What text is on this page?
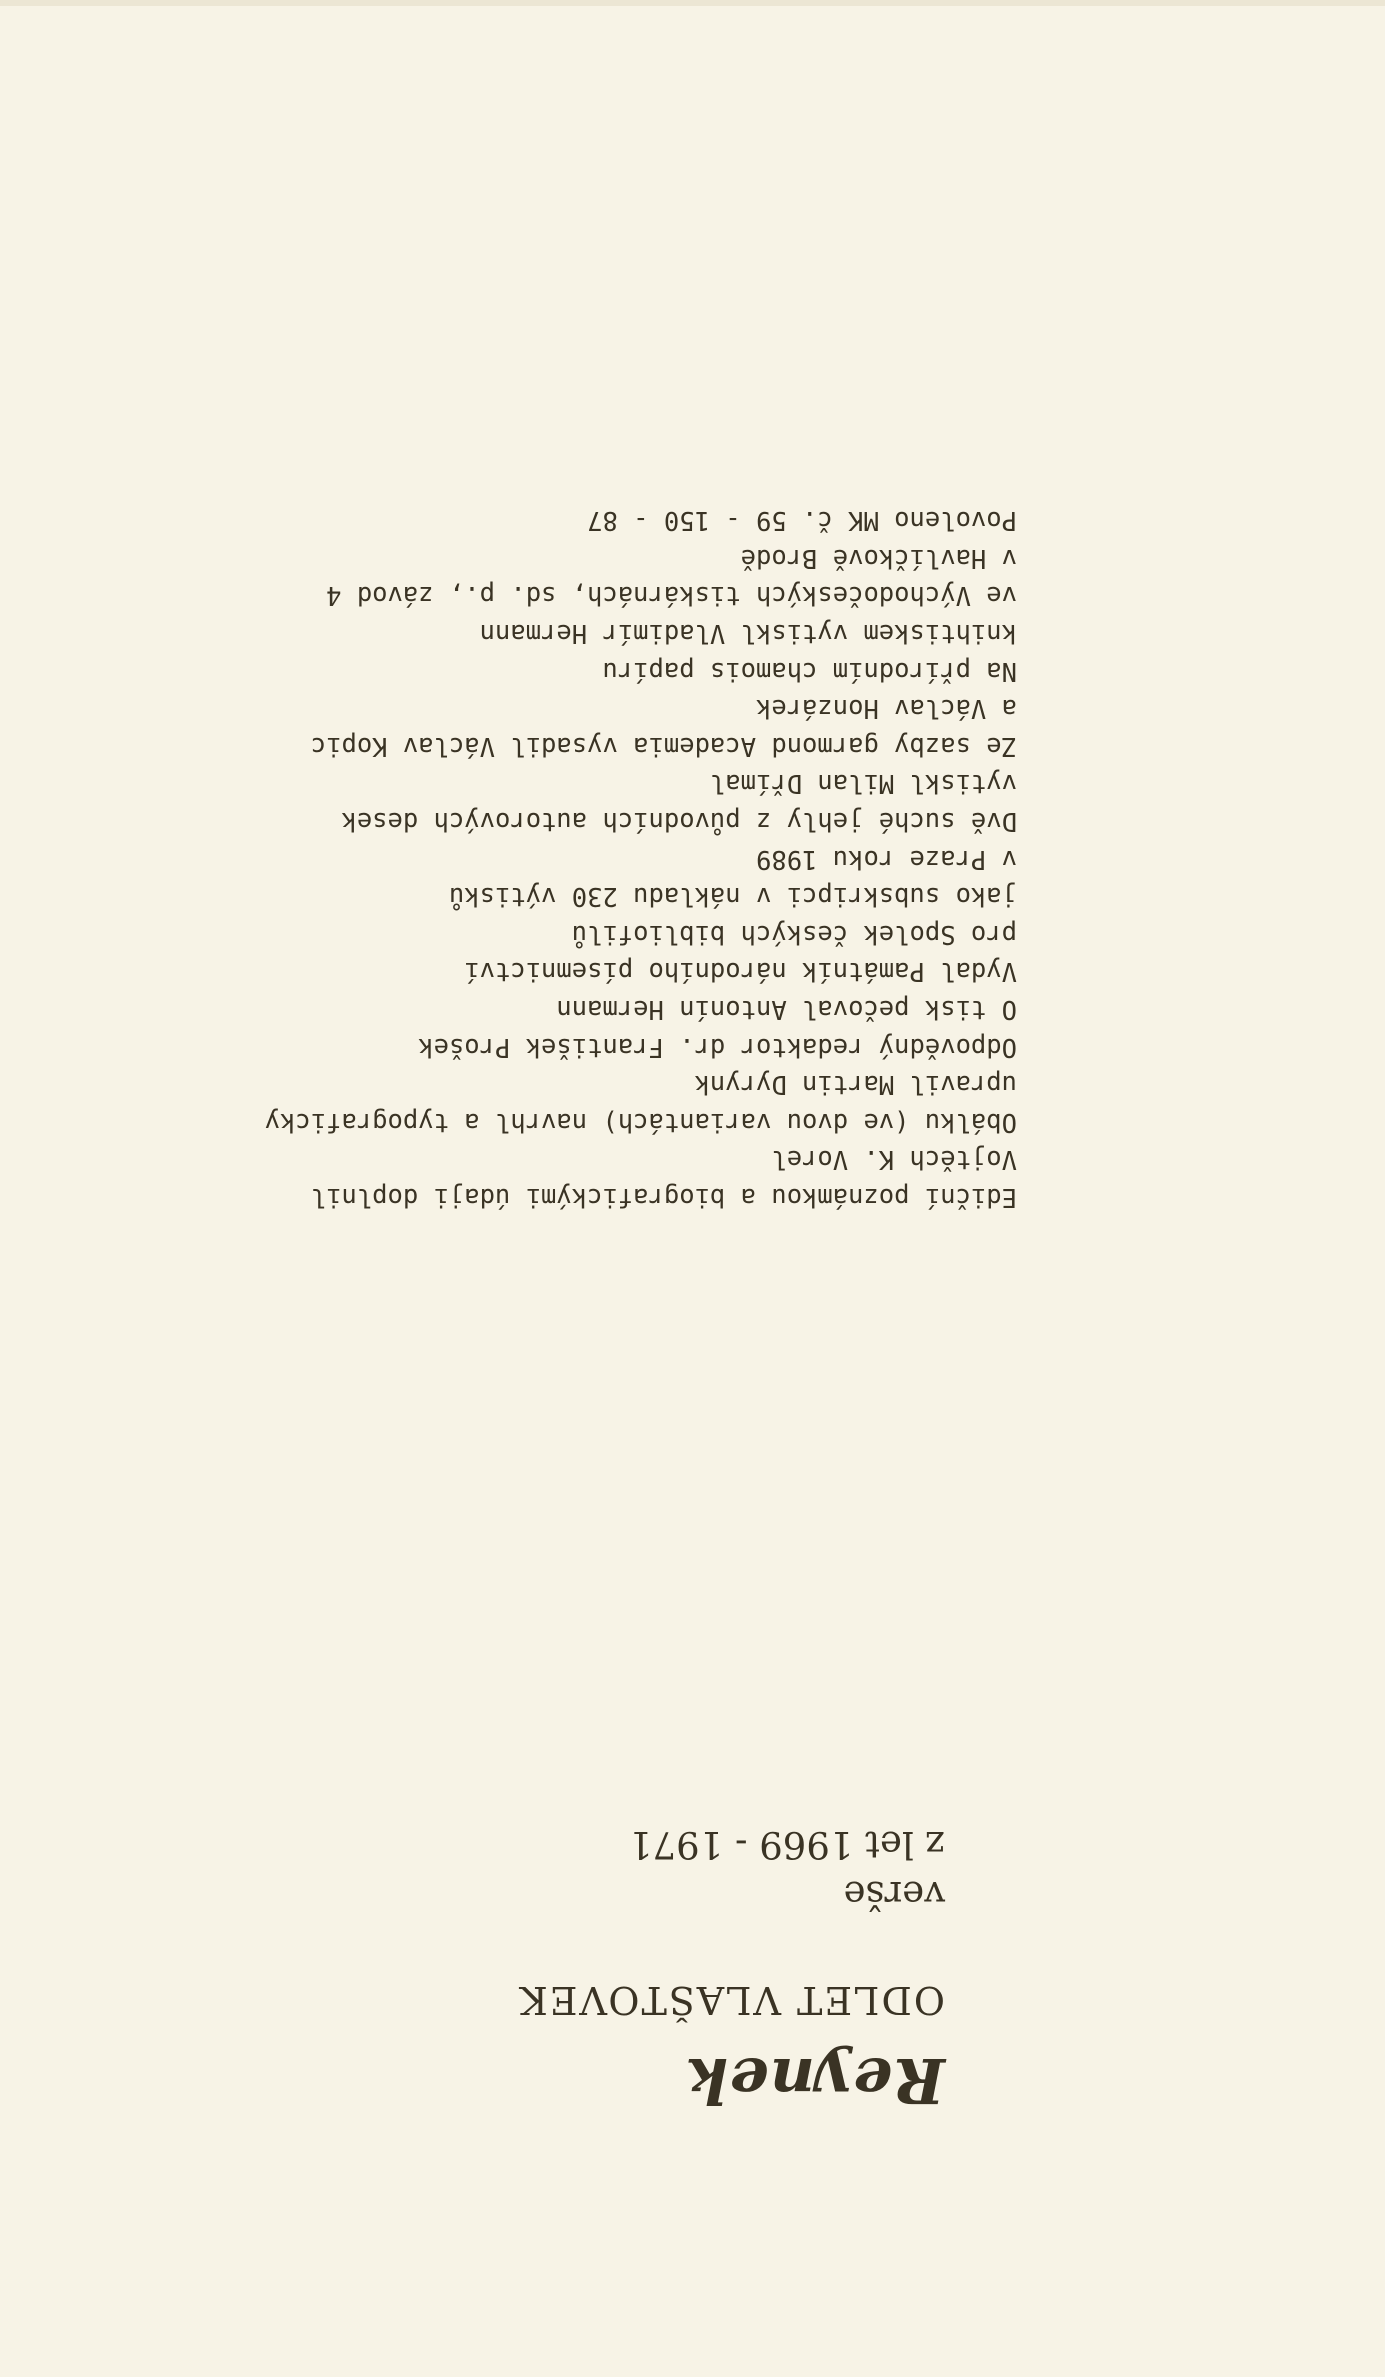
Reynek
ODLET VLAŠTOVEK
verše
z let 1969 - 1971
Ediční poznámkou a biografickými údaji doplnil
Vojtěch K. Vorel
Obálku (ve dvou variantách) navrhl a typograficky
upravil Martin Dyrynk
Odpovědný redaktor dr. František Prošek
O tisk pečoval Antonín Hermann
Vydal Památník národního písemnictví
pro Spolek českých bibliofilů
jako subskripci v nákladu 230 výtisků
v Praze roku 1989
Dvě suché jehly z původních autorových desek
vytiskl Milan Dřímal
Ze sazby garmond Academia vysadil Václav Kopic
a Václav Honzárek
Na přírodním chamois papíru
knihtiskem vytiskl Vladimír Hermann
ve Východočeských tiskárnách, sd. p., závod 4
v Havlíčkově Brodě
Povoleno MK č. 59 - 150 - 87
